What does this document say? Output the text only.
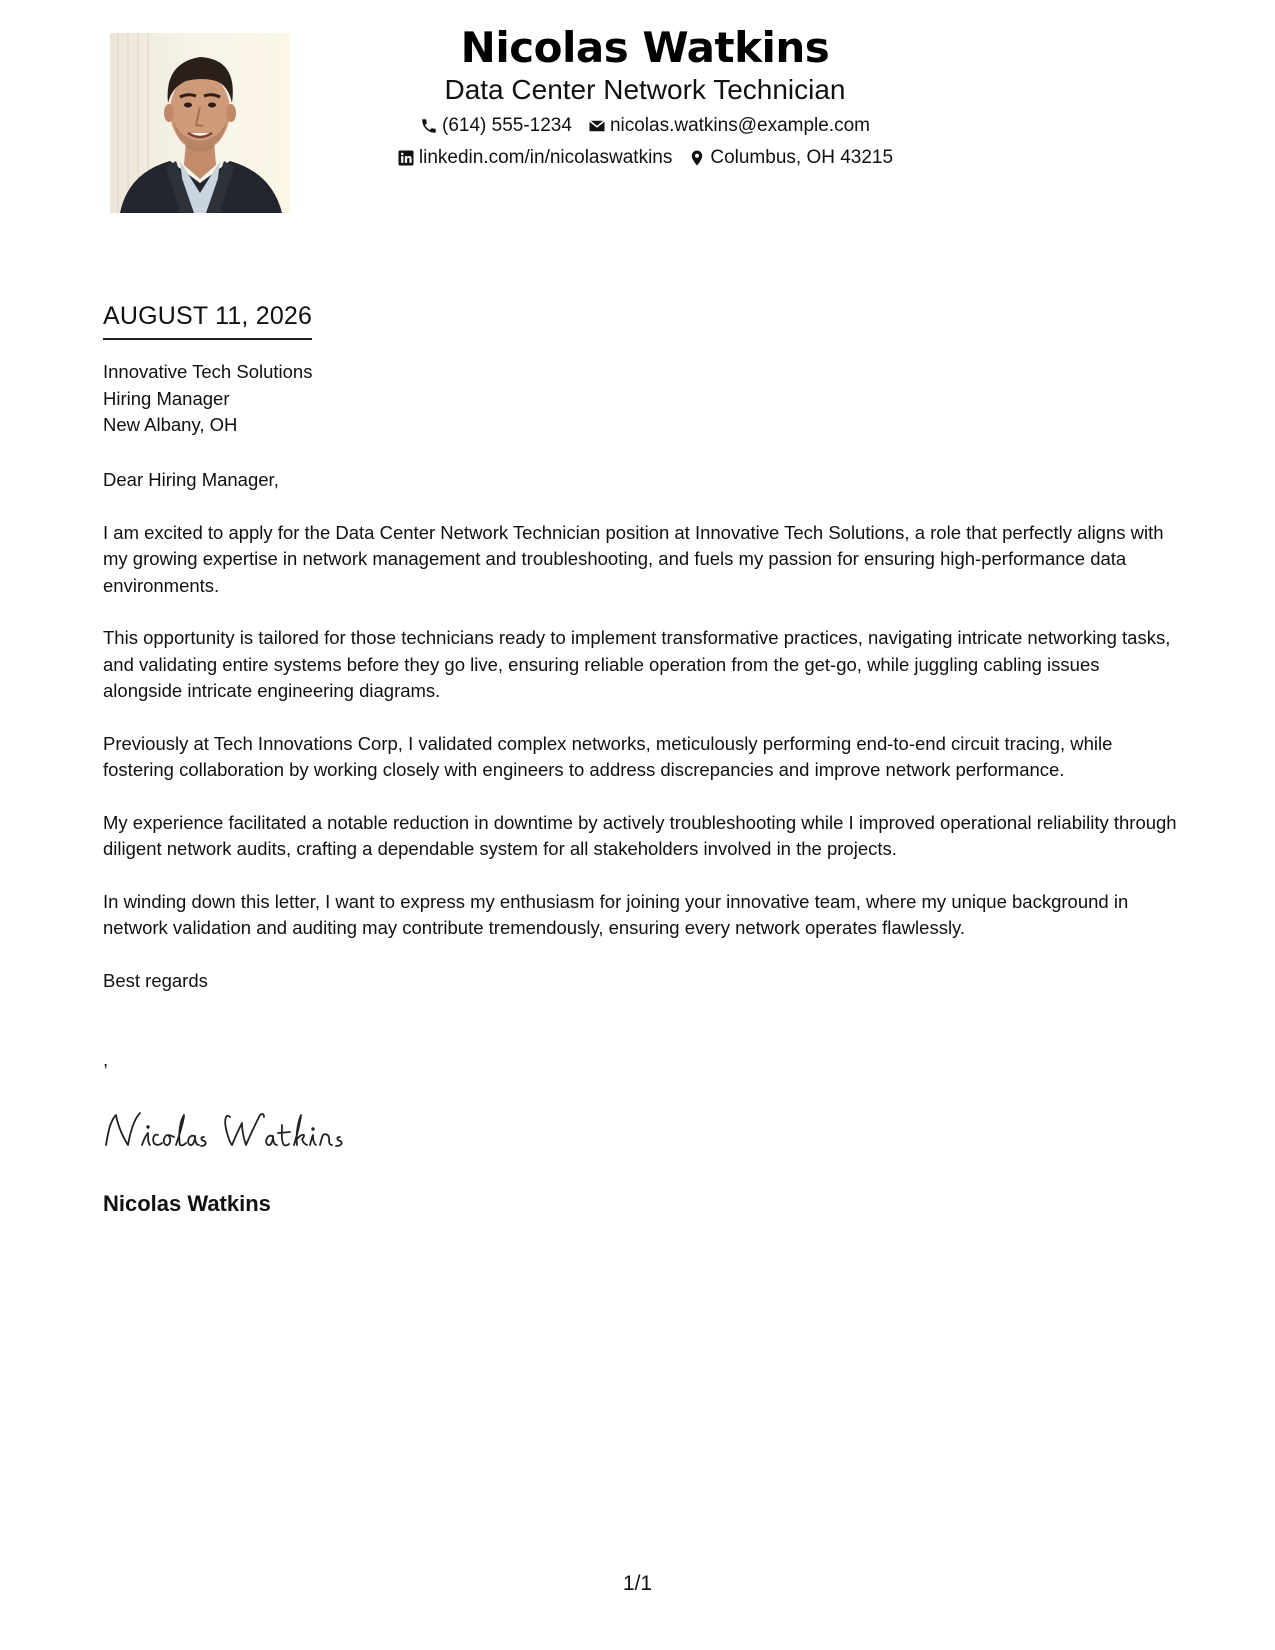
Nicolas Watkins
Data Center Network Technician
(614) 555-1234 nicolas.watkins@example.com
linkedin.com/in/nicolaswatkins Columbus, OH 43215
AUGUST 11, 2026
Innovative Tech Solutions
Hiring Manager
New Albany, OH

Dear Hiring Manager,

I am excited to apply for the Data Center Network Technician position at Innovative Tech Solutions, a role that perfectly aligns with my growing expertise in network management and troubleshooting, and fuels my passion for ensuring high-performance data environments.

This opportunity is tailored for those technicians ready to implement transformative practices, navigating intricate networking tasks, and validating entire systems before they go live, ensuring reliable operation from the get-go, while juggling cabling issues alongside intricate engineering diagrams.

Previously at Tech Innovations Corp, I validated complex networks, meticulously performing end-to-end circuit tracing, while fostering collaboration by working closely with engineers to address discrepancies and improve network performance.

My experience facilitated a notable reduction in downtime by actively troubleshooting while I improved operational reliability through diligent network audits, crafting a dependable system for all stakeholders involved in the projects.

In winding down this letter, I want to express my enthusiasm for joining your innovative team, where my unique background in network validation and auditing may contribute tremendously, ensuring every network operates flawlessly.

Best regards

,
Nicolas Watkins
1/1
